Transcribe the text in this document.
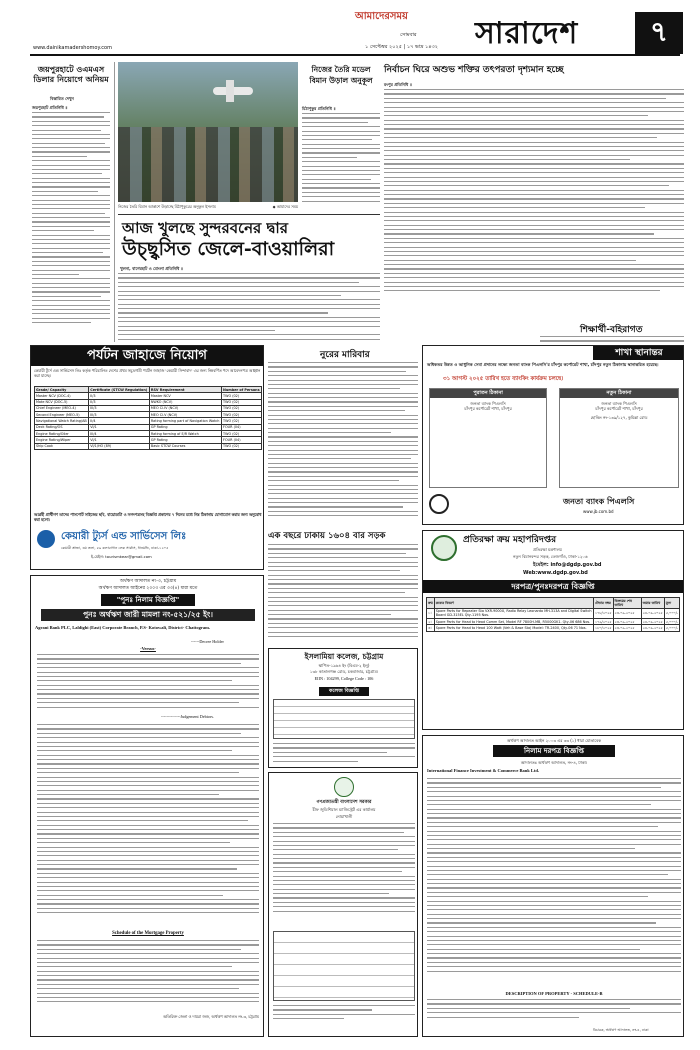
আমাদেরসময়
সোমবার
১ সেপ্টেম্বর ২০২৫ | ১৭ ভাদ্র ১৪৩২
www.dainikamadershomoy.com	সারাদেশ	৭
জয়পুরহাটে ওএমএস ডিলার নিয়োগে অনিয়ম
বিস্তারিত দেখুন
জয়পুরহাট প্রতিনিধি ॥
নিজের তৈরি বিমান আকাশে উড়াচ্ছে মিঠাপুকুরের অনুকূল ইসলাম	◆ আমাদের সময়
নিজের তৈরি মডেল বিমান উড়াল অনুকূল
মিঠাপুকুর প্রতিনিধি ॥
আজ খুলছে সুন্দরবনের দ্বার
উচ্ছ্বসিত জেলে-বাওয়ালিরা
খুলনা, বাগেরহাট ও মোংলা প্রতিনিধি ॥
নির্বাচন ঘিরে অশুভ শক্তির তৎপরতা দৃশ্যমান হচ্ছে
রংপুর প্রতিনিধি ॥
শিক্ষার্থী-বহিরাগত
পর্যটন জাহাজে নিয়োগ
কেয়ারী ট্যুর্স এন্ড সার্ভিসেস লিঃ কর্তৃক পরিচালিত দেশের প্রথম সমুদ্রগামী পর্যটন জাহাজ 'কেয়ারী সিন্দাবাদ' এর জন্য নিম্নবর্ণিত পদে আবেদনপত্র আহ্বান করা যাচ্ছে।
Grade/ Capacity	Certificate (STCW Regulation)	RSV Requirement	Number of Persons
Master NCV (DOC-4)	II/3	Master NCV	TWO (02)
Mate NCV (DOC-5)	II/3	NWKO (NCV)	TWO (02)
Chief Engineer (MEO-4)	III/3	MEO Cl.IV (NCV)	TWO (02)
Second Engineer (MEO-5)	III/3	MEO Cl.V (NCV)	TWO (02)
Navigational Watch Rating/AB	II/4	Rating forming part of Navigation Watch	TWO (02)
Deck Rating/OS	VI/1	GP Rating	FOUR (04)
Engine Rating/Oiler	III/4	Rating forming of E/R Watch	TWO (02)
Engine Rating/Wiper	VI/1	GP Rating	FOUR (04)
Ship Cook	VI/1/HO (89)	Basic STCW Courses	TWO (02)
আগ্রহী প্রার্থীগণ তাদের পাসপোর্ট সাইজের ছবি, বায়োডাটা ও সনদপত্রসহ বিজ্ঞপ্তি প্রকাশের ৭ দিনের মধ্যে নিম্ন ঠিকানায় যোগাযোগ করার জন্য অনুরোধ করা হলো।
কেয়ারী ট্যুর্স এন্ড সার্ভিসেস লিঃ
কেয়ারী প্লাজা, ৩য় তলা, ৫৯ কলাবাগান লেক সার্কাস, ধানমন্ডি, ঢাকা-১২০৫
ই-মেইল: tourismkear@gmail.com
নুরের মারিবার	শাখা স্থানান্তর
অধিকতর উন্নত ও আধুনিক সেবা প্রদানের লক্ষ্যে জনতা ব্যাংক পিএলসি'র চাঁদপুর কর্পোরেট শাখা, চাঁদপুর নতুন ঠিকানায় স্থানান্তরিত হয়েছে।
৩১ আগস্ট ২০২৫ তারিখ হতে ব্যাংকিং কার্যক্রম চলছে।
পুরাতন ঠিকানা
জনতা ব্যাংক পিএলসি
চাঁদপুর কর্পোরেট শাখা, চাঁদপুর
নতুন ঠিকানা
জনতা ব্যাংক পিএলসি
চাঁদপুর কর্পোরেট শাখা, চাঁদপুর
হোল্ডিং নং-১৩৯/১২৭, কুমিল্লা রোড
জনতা ব্যাংক পিএলসি
www.jb.com.bd
এক বছরে ঢাকায় ১৬০৪ বার সড়ক	প্রতিরক্ষা ক্রয় মহাপরিদপ্তর
প্রতিরক্ষা মন্ত্রণালয়
নতুন বিমানবন্দর সড়ক, তেজগাঁও, ঢাকা-১২০৬
ইমেইল: info@dgdp.gov.bd
Web:www.dgdp.gov.bd
দরপত্র/পুনঃদরপত্র বিজ্ঞপ্তি
ক্রম	দ্রব্যের বিবরণ	টেন্ডার নম্বর	বিক্রয়ের শেষ তারিখ	জমার তারিখ	মূল্য
১।	Spare Parts for Repeater Sta VXR-9000U, Radio Relay Leonardo MH-313A and Digital Switch Board GD-315EL Qty-1195 Nos.	১৭৮/২০২৫	২৩-০৯-২০২৫	২৪-০৯-২০২৫	৫,০০০/-
২।	Spare Parts for Head to Head Comm Set, Model RF 7800H-MB, R5000GK1. Qty-06 686 Nos.	১৭৯/২০২৫	২৩-০৯-২০২৫	২৪-০৯-২০২৫	৫,০০০/-
৩।	Spare Parts for Head to Head 100 Watt (Veh & Base Sta) Model: TR-2400, Qty-06 71 Nos.	১৮০/২০২৫	২৩-০৯-২০২৫	২৪-০৯-২০২৫	৫,০০০/-
অর্থঋণ আদালত নং-৩, চট্টগ্রাম
অর্থঋণ আদালত আইনের ২০০৩ এর ৩৩(৪) ধারা মতে
"পুনঃ নিলাম বিজ্ঞপ্তি"
পুনঃ অর্থঋণ জারী মামলা নং-৫২১/২৫ ইং।
Agrani Bank PLC, Laldighi (East) Corporate Branch, P.S- Kotowali, District- Chattogram.
------Decree Holder
-Versus-
--------------Judgement Debtors.
Schedule of the Mortgage Property
অতিরিক্ত জেলা ও দায়রা জজ, অর্থঋণ আদালত নং-৩, চট্টগ্রাম
ইসলামিয়া কলেজ, চট্টগ্রাম
স্থাপিত-১৯৬৪ ইং (বিএম-২ ইলু)
১৩৮ কাতালগঞ্জ রোড, চকবাজার, চট্টগ্রাম।
EIIN : 104299, College Code : 106
কলেজ বিজ্ঞপ্তি
গণপ্রজাতন্ত্রী বাংলাদেশ সরকার
চীফ জুডিশিয়াল ম্যাজিস্ট্রেট এর কার্যালয়
নোয়াখালী
অর্থঋণ আদালত আইন ২০০৩ এর ৩৩ (১) ধারা মোতাবেক
নিলাম দরপত্র বিজ্ঞপ্তি
আদালতঃ অর্থঋণ আদালত, নং-৪, ঢাকা।
International Finance Investment & Commerce Bank Ltd.
DESCRIPTION OF PROPERTY - SCHEDULE-B
বিচারক, অর্থঋণ আদালত, নং-৪, ঢাকা
